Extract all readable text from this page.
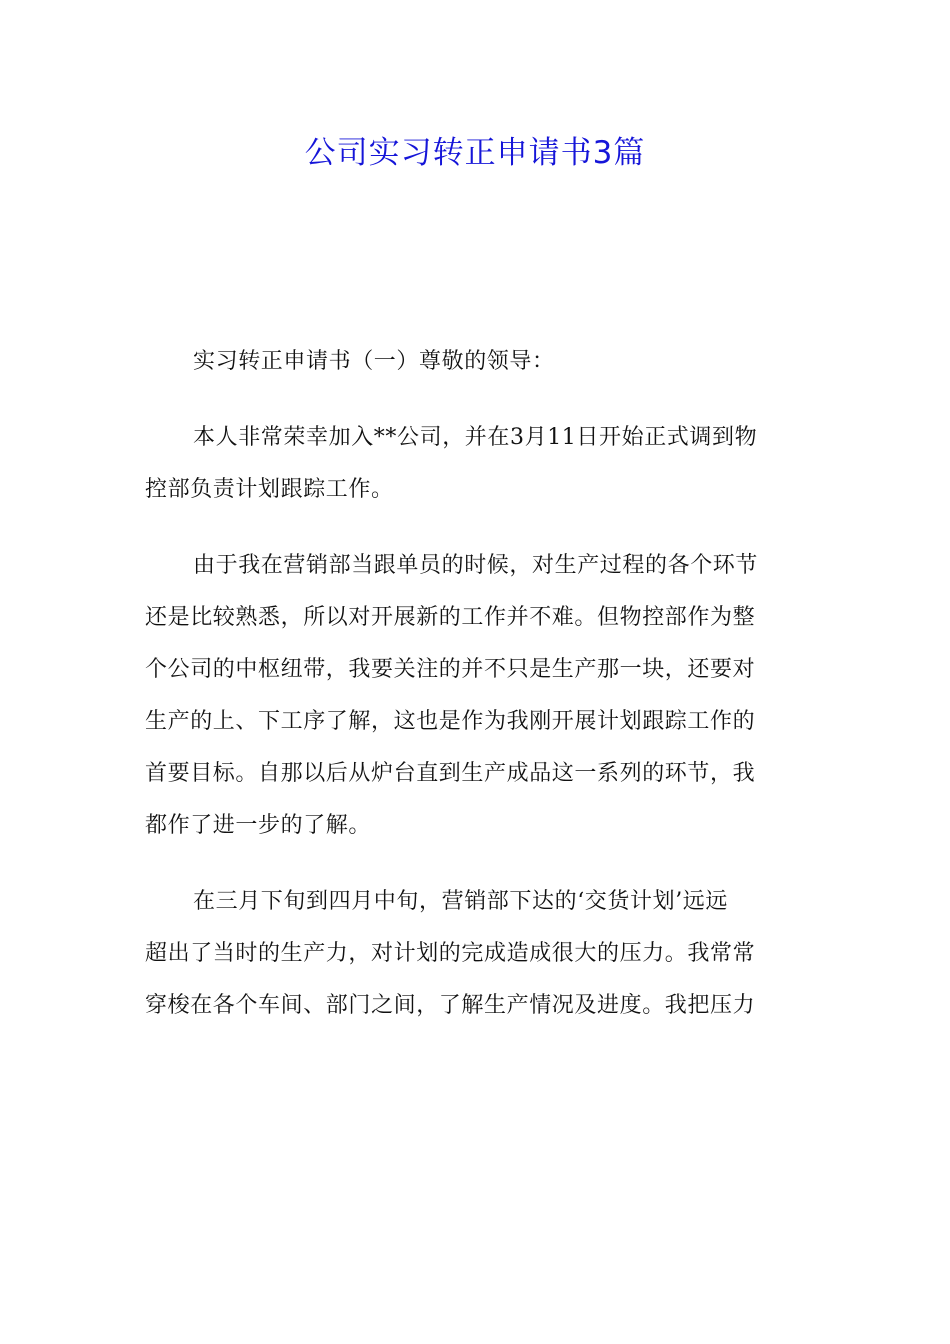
公司实习转正申请书3篇
实习转正申请书（一）尊敬的领导：
本人非常荣幸加入**公司，并在3月11日开始正式调到物
控部负责计划跟踪工作。
由于我在营销部当跟单员的时候，对生产过程的各个环节
还是比较熟悉，所以对开展新的工作并不难。但物控部作为整
个公司的中枢纽带，我要关注的并不只是生产那一块，还要对
生产的上、下工序了解，这也是作为我刚开展计划跟踪工作的
首要目标。自那以后从炉台直到生产成品这一系列的环节，我
都作了进一步的了解。
在三月下旬到四月中旬，营销部下达的‘交货计划’远远
超出了当时的生产力，对计划的完成造成很大的压力。我常常
穿梭在各个车间、部门之间，了解生产情况及进度。我把压力
